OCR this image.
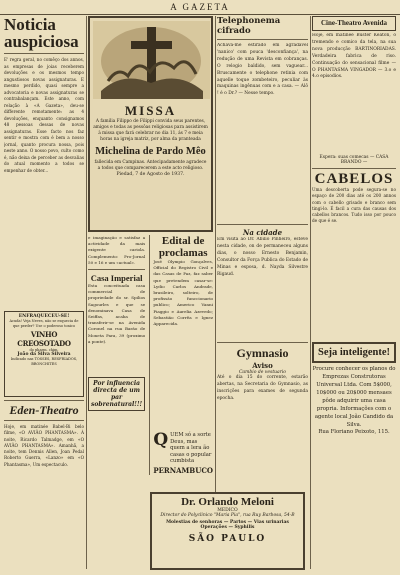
A GAZETA
Noticia
auspiciosa

E' regra geral, no comêço dos annos, as empresas de joias receberem devoluções e os mesmos tempo angustiosos novas assignaturas. E mesmo perdido, quasi sempre a advocatoria e novas assignaturas se contrabalançam. Este anno, com relação à «A Gazeta», deu-se differente remotamente: as 4 devoluções, enquanto consignamos 48 pessoas dessas de novas assignaturas. Esse facto nos faz sentir e mostra com é bem a nosso jornal, quanto procura nossa, pois neste anno. O nosso povo, culto como é, não deixa de perceber as desvalias do atual momento a todos se empenhar de obter...

ENFRAQUECEU-SE!
Acuda! Veja Neves, não se esquecia de que perder? Use o poderoso tonico
VINHO CREOSOTADO
do pharm. chim.
João da Silva Silveira
Indicado nas TOSSES, RESFRIADOS, BRONCHITES
Eden-Theatro

Hoje, em matinée Babel-Bi belo filme, «O AVIÃO PHANTASMA». Á noite, Ricardo Talmadge, em «O AVIÃO PHANTASMA». Amanhã, a noite, tem Dennis Allen, Joan Pedal Roberto Guerra, «Lanzo» em «O Phantasma», Um espectaculo.

MISSA

A familia Filippo de Filippi convida seus parentes, amigos e todas as pessôas religiosas para assistirem à missa que fará celebrar no dia 11, ás 7 e meia horas na igreja matriz, por alma da pranteada

Michelina de Pardo Mêo

fallecida em Campinas. Antecipadamente agradece a todos que comparecerem a este acto religioso.

Piedad, 7 de Agosto de 1937.

e imaginação e satisfaz a actividade da mais exigente cariola. Complemento: Pro-Jornal 50 e 16 e um «actual».

Casa Imperial

Esta conceituada casa commercial de propriedade do sr. Spilios Sagourles e que se denominava Casa de Seiffas, acaba de transferir-se na Avenida Coronel na rua Barão de Moneta Para, 39 (proximo a ponte).

Por influencia directa de um par sobrenatural!!!
Edital de proclamas

José Olympio Gonçalves, Official do Registro Civil e das Casas de Paz, faz saber que pretendem casar-se: Lydio Carlos Andrade, brasileiro, solteiro, de profissão funccionario publico; Americo Vanni Piaggio e Aurelia Azevedo; Sebastião Corrêa e Ignez Apparecida.

Q UEM só a sorte Deus, mas quem a lera ão casas o popular cumbista
PERNAMBUCO
Telephonema
cifrado

Achava-me estirado em agradável 'nanico' com pouca 'desconfiança', na redução de uma Revista em cobranças. O relogio baldido, sem vaguear... Bruscamente o telephone retinia com aquelle toque zombeteiro, peculiar às maquinas ingênuas com e a casa. — Alô ! é o Dr.? — Nesse tempo.

Na cidade

Em visita ao Dr. Abilio Pinheiro, esteve nesta cidade, on de permaneceu alguns dias, o nosso Ernesto Benjamin, Consultor da Força Publica do Estado de Minas e esposa, d. Nayda Silvestre Rigaud.

Gymnasio
Aviso
Cambio de vestuario

Até o dia 15 do corrente, estarão abertas, na Secretaria do Gymnasio, as inscrições para exames de segunda epocha.

Cine-Theatro Avenida

Hoje, em matinée Buster Keaton, o tremendo e comico da tela, na sua nova producção BARTINORIADAS. Verdadeira fabrica de riso. Continuação do sensacional filme — O PHANTASMA VINGADOR — 3.o e 4.o episodios.

Espera: suas comecas — CASA BRANDO —
CABELOS

Uma descoberta pode segura-se no espaço de 200 dias até os 200 annos com o cabello grisado e branco sem tingi-lo. É facil a cura das causas dos cabellos brancos. Tudo isso por pouco de que é se.

Seja inteligente!

Procure conhecer os planos do Emprezas Construtoras Universal Ltda. Com 5$000, 10$000 ou 20$000 mensaes pôde adquirir uma casa propria. Informações com o agente local João Candido da Silva.

Rua Floriano Peixoto, 115.
Dr. Orlando Meloni
MEDICO
Director do Polyclinico "Maria Pia", rua Ruy Barbosa, 54-B
Molestias de senhoras — Partos — Vias urinarias
Operações — Syphilis
SÃO PAULO
